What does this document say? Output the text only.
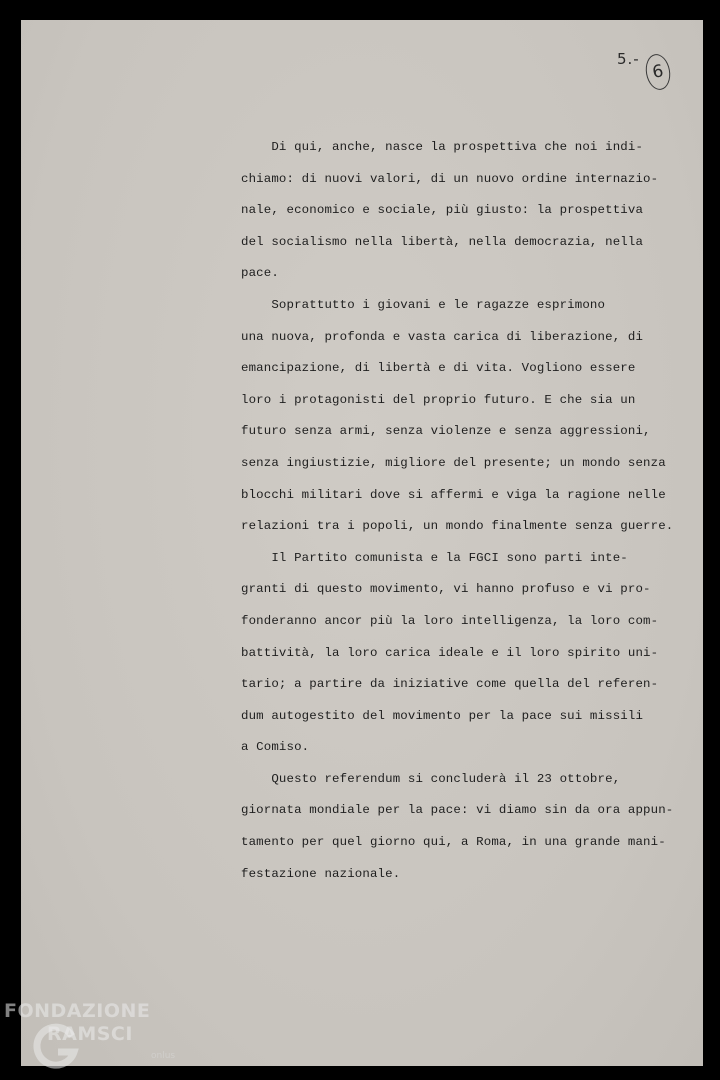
5.-
6
Di qui, anche, nasce la prospettiva che noi indi-
chiamo: di nuovi valori, di un nuovo ordine internazio-
nale, economico e sociale, più giusto: la prospettiva
del socialismo nella libertà, nella democrazia, nella
pace.
Soprattutto i giovani e le ragazze esprimono
una nuova, profonda e vasta carica di liberazione, di
emancipazione, di libertà e di vita. Vogliono essere
loro i protagonisti del proprio futuro. E che sia un
futuro senza armi, senza violenze e senza aggressioni,
senza ingiustizie, migliore del presente; un mondo senza
blocchi militari dove si affermi e viga la ragione nelle
relazioni tra i popoli, un mondo finalmente senza guerre.
Il Partito comunista e la FGCI sono parti inte-
granti di questo movimento, vi hanno profuso e vi pro-
fonderanno ancor più la loro intelligenza, la loro com-
battività, la loro carica ideale e il loro spirito uni-
tario; a partire da iniziative come quella del referen-
dum autogestito del movimento per la pace sui missili
a Comiso.
Questo referendum si concluderà il 23 ottobre,
giornata mondiale per la pace: vi diamo sin da ora appun-
tamento per quel giorno qui, a Roma, in una grande mani-
festazione nazionale.
FONDAZIONE
RAMSCI
onlus
